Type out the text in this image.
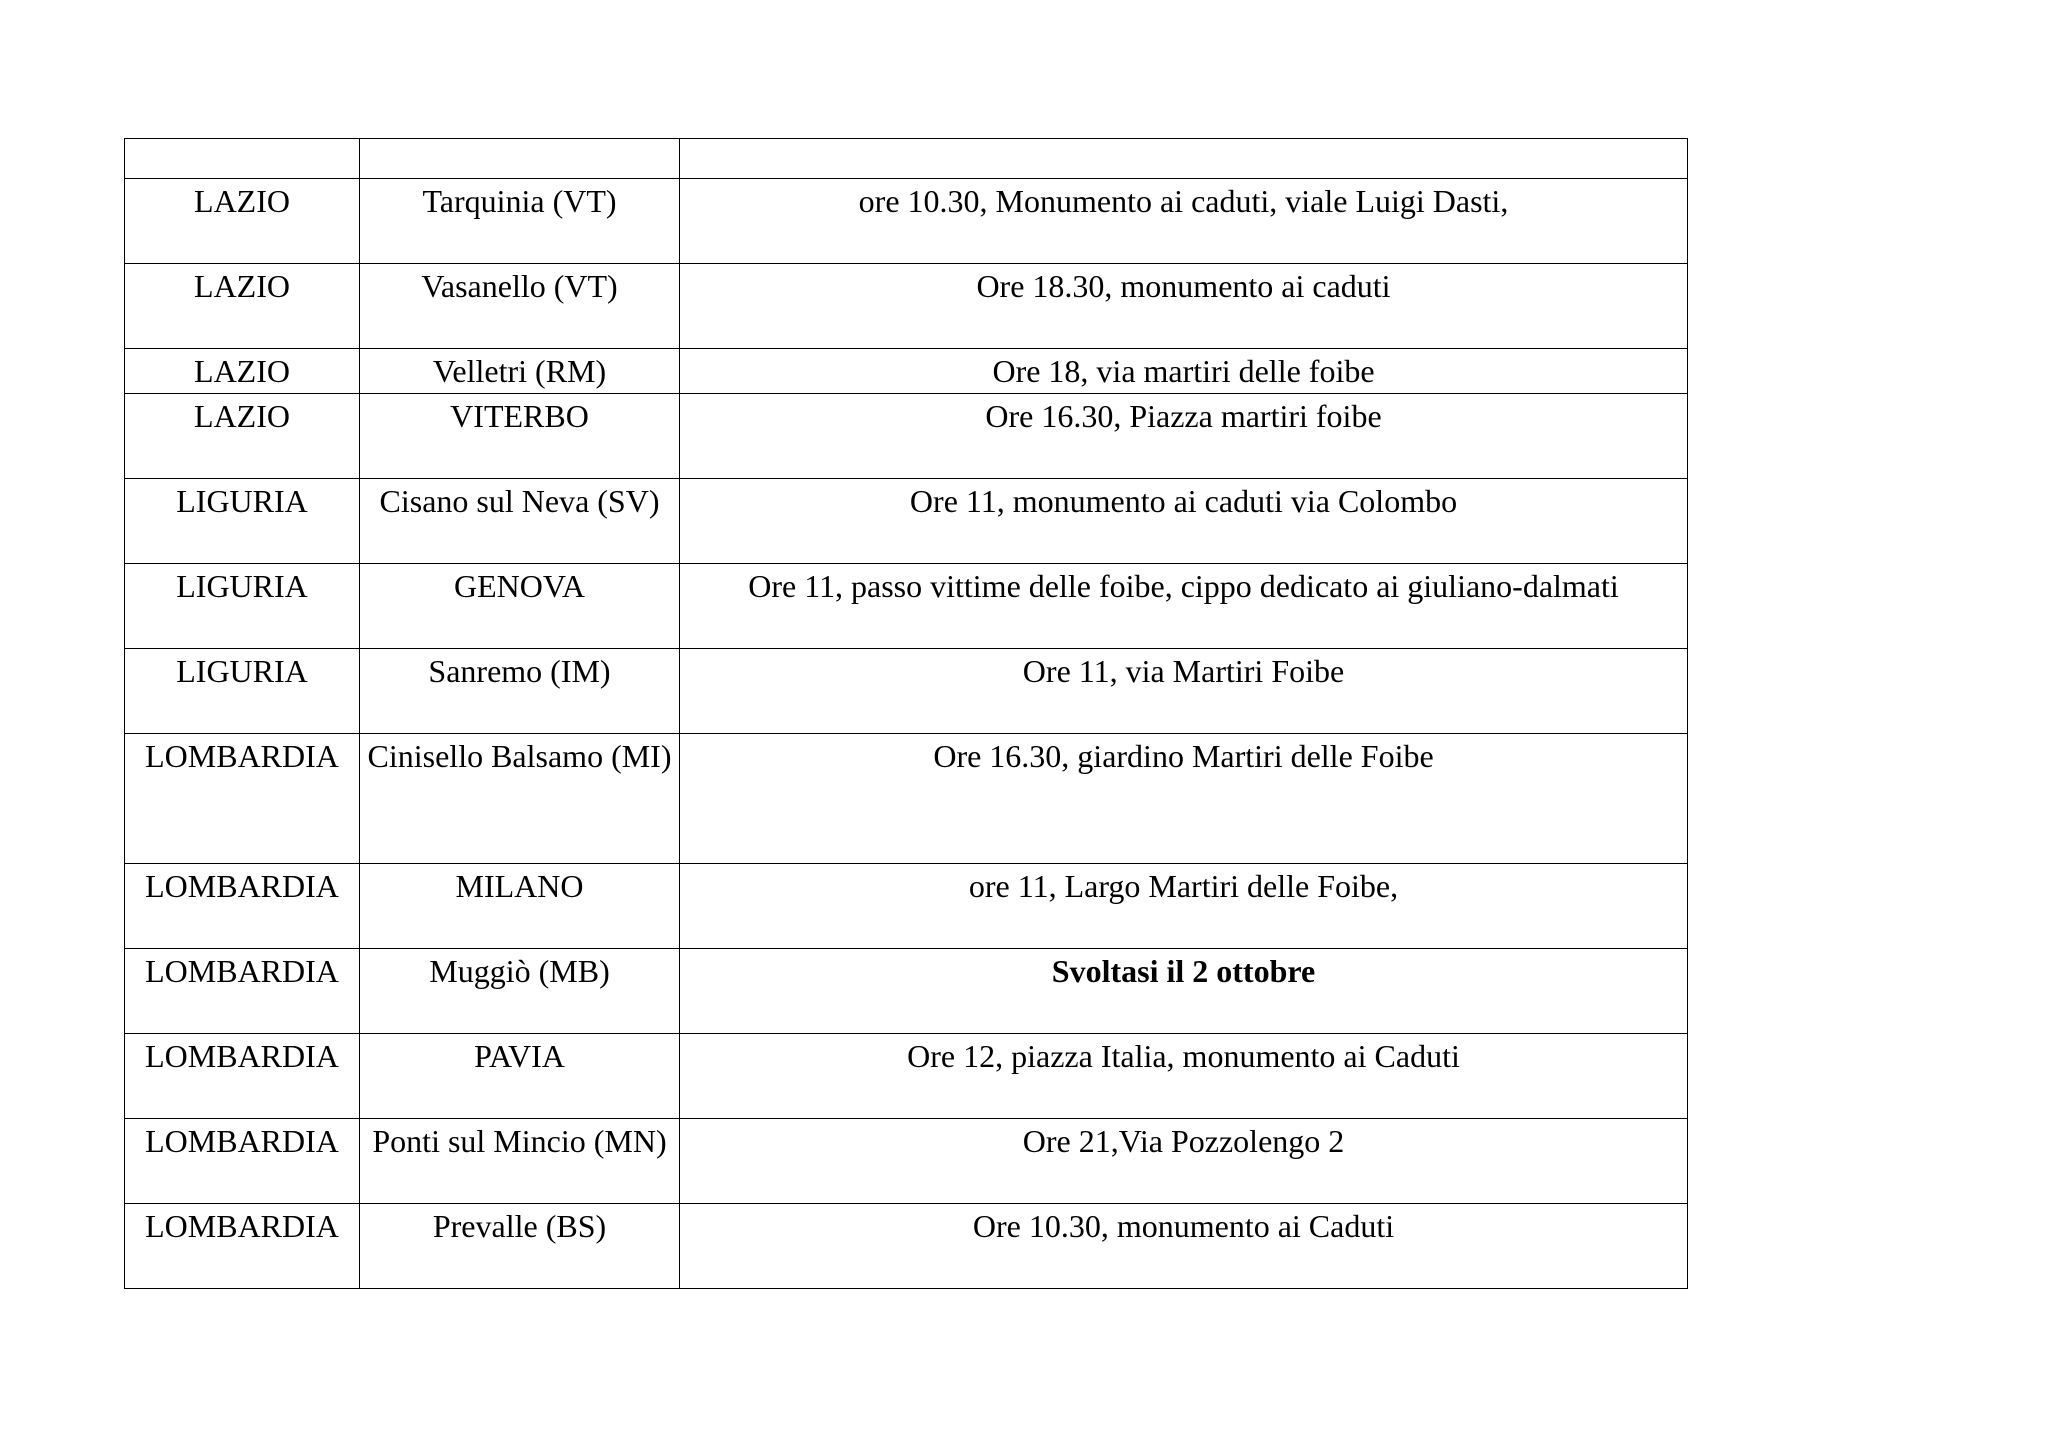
LAZIO	Tarquinia (VT)	ore 10.30, Monumento ai caduti, viale Luigi Dasti,
LAZIO	Vasanello (VT)	Ore 18.30, monumento ai caduti
LAZIO	Velletri (RM)	Ore 18, via martiri delle foibe
LAZIO	VITERBO	Ore 16.30, Piazza martiri foibe
LIGURIA	Cisano sul Neva (SV)	Ore 11, monumento ai caduti via Colombo
LIGURIA	GENOVA	Ore 11, passo vittime delle foibe, cippo dedicato ai giuliano-dalmati
LIGURIA	Sanremo (IM)	Ore 11, via Martiri Foibe
LOMBARDIA	Cinisello Balsamo (MI)	Ore 16.30, giardino Martiri delle Foibe
LOMBARDIA	MILANO	ore 11, Largo Martiri delle Foibe,
LOMBARDIA	Muggiò (MB)	Svoltasi il 2 ottobre
LOMBARDIA	PAVIA	Ore 12, piazza Italia, monumento ai Caduti
LOMBARDIA	Ponti sul Mincio (MN)	Ore 21,Via Pozzolengo 2
LOMBARDIA	Prevalle (BS)	Ore 10.30, monumento ai Caduti
